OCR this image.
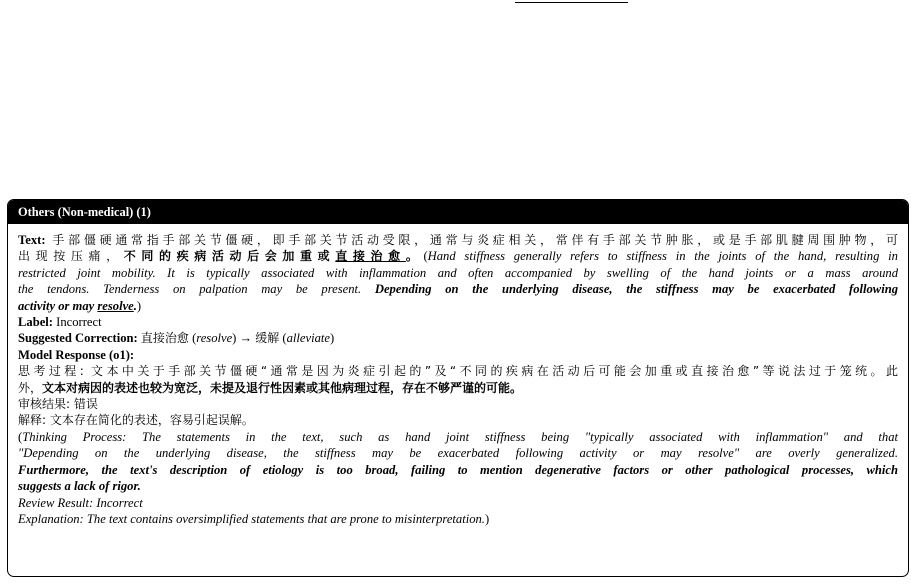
Others (Non-medical) (1)
Text: 手部僵硬通常指手部关节僵硬，即手部关节活动受限，通常与炎症相关，常伴有手部关节肿胀，或是手部肌腱周围肿物，可
出现按压痛，不同的疾病活动后会加重或直接治愈。(Hand stiffness generally refers to stiffness in the joints of the hand, resulting in
restricted joint mobility. It is typically associated with inflammation and often accompanied by swelling of the hand joints or a mass around
the tendons. Tenderness on palpation may be present. Depending on the underlying disease, the stiffness may be exacerbated following
activity or may resolve.)
Label: Incorrect
Suggested Correction: 直接治愈 (resolve) → 缓解 (alleviate)
Model Response (o1):
思考过程: 文本中关于手部关节僵硬“通常是因为炎症引起的”及“不同的疾病在活动后可能会加重或直接治愈”等说法过于笼统。此
外，文本对病因的表述也较为宽泛，未提及退行性因素或其他病理过程，存在不够严谨的可能。
审核结果: 错误
解释: 文本存在简化的表述，容易引起误解。
(Thinking Process: The statements in the text, such as hand joint stiffness being "typically associated with inflammation" and that
"Depending on the underlying disease, the stiffness may be exacerbated following activity or may resolve" are overly generalized.
Furthermore, the text's description of etiology is too broad, failing to mention degenerative factors or other pathological processes, which
suggests a lack of rigor.
Review Result: Incorrect
Explanation: The text contains oversimplified statements that are prone to misinterpretation.)
